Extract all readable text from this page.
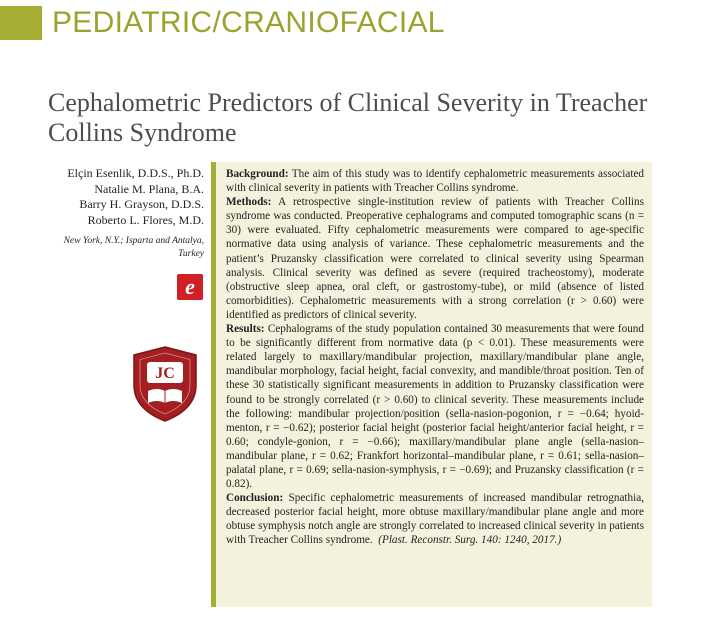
PEDIATRIC/CRANIOFACIAL
Cephalometric Predictors of Clinical Severity in Treacher Collins Syndrome
Elçin Esenlik, D.D.S., Ph.D.
Natalie M. Plana, B.A.
Barry H. Grayson, D.D.S.
Roberto L. Flores, M.D.
New York, N.Y.; Isparta and Antalya,
Turkey
e
JC

Background: The aim of this study was to identify cephalometric measurements associated with clinical severity in patients with Treacher Collins syndrome.

Methods: A retrospective single-institution review of patients with Treacher Collins syndrome was conducted. Preoperative cephalograms and computed tomographic scans (n = 30) were evaluated. Fifty cephalometric measurements were compared to age-specific normative data using analysis of variance. These cephalometric measurements and the patient’s Pruzansky classification were correlated to clinical severity using Spearman analysis. Clinical severity was defined as severe (required tracheostomy), moderate (obstructive sleep apnea, oral cleft, or gastrostomy-tube), or mild (absence of listed comorbidities). Cephalometric measurements with a strong correlation (r > 0.60) were identified as predictors of clinical severity.

Results: Cephalograms of the study population contained 30 measurements that were found to be significantly different from normative data (p < 0.01). These measurements were related largely to maxillary/mandibular projection, maxillary/mandibular plane angle, mandibular morphology, facial height, facial convexity, and mandible/throat position. Ten of these 30 statistically significant measurements in addition to Pruzansky classification were found to be strongly correlated (r > 0.60) to clinical severity. These measurements include the following: mandibular projection/position (sella-nasion-pogonion, r = −0.64; hyoid-menton, r = −0.62); posterior facial height (posterior facial height/anterior facial height, r = 0.60; condyle-gonion, r = −0.66); maxillary/mandibular plane angle (sella-nasion–mandibular plane, r = 0.62; Frankfort horizontal–mandibular plane, r = 0.61; sella-nasion–palatal plane, r = 0.69; sella-nasion-symphysis, r = −0.69); and Pruzansky classification (r = 0.82).

Conclusion: Specific cephalometric measurements of increased mandibular retrognathia, decreased posterior facial height, more obtuse maxillary/mandibular plane angle and more obtuse symphysis notch angle are strongly correlated to increased clinical severity in patients with Treacher Collins syndrome. (Plast. Reconstr. Surg. 140: 1240, 2017.)
